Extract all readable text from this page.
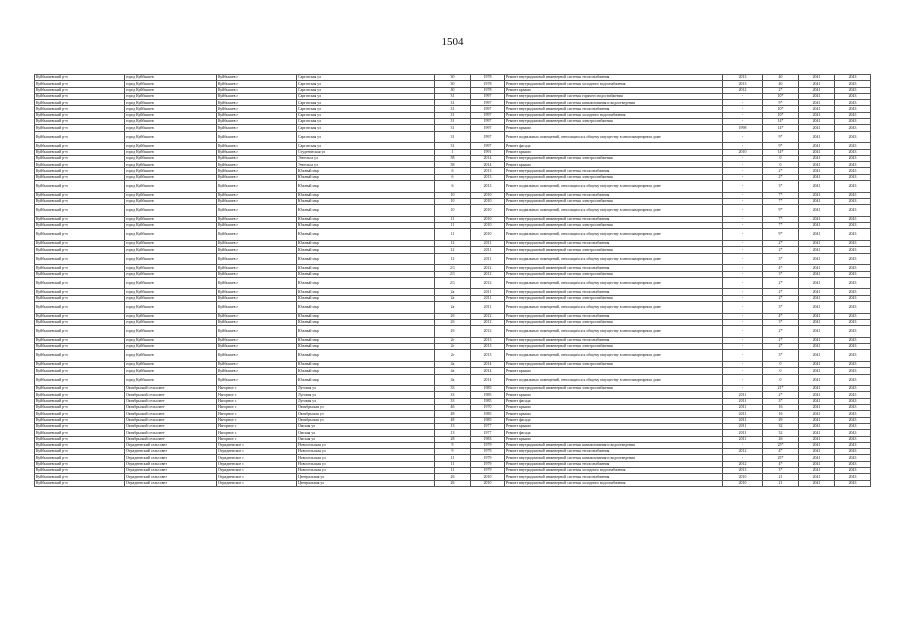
1504
Куйбышевский р-н	город Куйбышев	Куйбышев г	Саргатская ул	30	1978	Ремонт внутридомовой инженерной системы теплоснабжения	2013	40	2041	2043
Куйбышевский р-н	город Куйбышев	Куйбышев г	Саргатская ул	30	1978	Ремонт внутридомовой инженерной системы холодного водоснабжения	2013	40	2041	2043
Куйбышевский р-н	город Куйбышев	Куйбышев г	Саргатская ул	30	1978	Ремонт крыши	2012	2*	2041	2043
Куйбышевский р-н	город Куйбышев	Куйбышев г	Саргатская ул	31	1997	Ремонт внутридомовой инженерной системы горячего водоснабжения	-	10*	2041	2043
Куйбышевский р-н	город Куйбышев	Куйбышев г	Саргатская ул	31	1997	Ремонт внутридомовой инженерной системы канализования и водоотведения	-	9*	2041	2043
Куйбышевский р-н	город Куйбышев	Куйбышев г	Саргатская ул	31	1997	Ремонт внутридомовой инженерной системы теплоснабжения	-	10*	2041	2043
Куйбышевский р-н	город Куйбышев	Куйбышев г	Саргатская ул	31	1997	Ремонт внутридомовой инженерной системы холодного водоснабжения	-	10*	2041	2043
Куйбышевский р-н	город Куйбышев	Куйбышев г	Саргатская ул	31	1997	Ремонт внутридомовой инженерной системы электроснабжения	-	14*	2041	2043
Куйбышевский р-н	город Куйбышев	Куйбышев г	Саргатская ул	31	1997	Ремонт крыши	1998	14*	2041	2043
Куйбышевский р-н	город Куйбышев	Куйбышев г	Саргатская ул	31	1997	Ремонт подвальных помещений, относящихся к общему имуществу в многоквартирном доме	-	9*	2041	2043
Куйбышевский р-н	город Куйбышев	Куйбышев г	Саргатская ул	31	1997	Ремонт фасада	-	9*	2041	2043
Куйбышевский р-н	город Куйбышев	Куйбышев г	Студенческая ул	1	1991	Ремонт крыши	2010	14*	2041	2043
Куйбышевский р-н	город Куйбышев	Куйбышев г	Энгельса ул	58	2014	Ремонт внутридомовой инженерной системы электроснабжения	-	0	2041	2043
Куйбышевский р-н	город Куйбышев	Куйбышев г	Энгельса ул	58	2014	Ремонт крыши	-	0	2041	2043
Куйбышевский р-н	город Куйбышев	Куйбышев г	Южный мкр	6	2013	Ремонт внутридомовой инженерной системы теплоснабжения	-	2*	2041	2043
Куйбышевский р-н	город Куйбышев	Куйбышев г	Южный мкр	6	2013	Ремонт внутридомовой инженерной системы электроснабжения	-	2*	2041	2043
Куйбышевский р-н	город Куйбышев	Куйбышев г	Южный мкр	6	2013	Ремонт подвальных помещений, относящихся к общему имуществу в многоквартирном доме	-	3*	2041	2043
Куйбышевский р-н	город Куйбышев	Куйбышев г	Южный мкр	10	2010	Ремонт внутридомовой инженерной системы теплоснабжения	-	7*	2041	2043
Куйбышевский р-н	город Куйбышев	Куйбышев г	Южный мкр	10	2010	Ремонт внутридомовой инженерной системы электроснабжения	-	7*	2041	2043
Куйбышевский р-н	город Куйбышев	Куйбышев г	Южный мкр	10	2010	Ремонт подвальных помещений, относящихся к общему имуществу в многоквартирном доме	-	9*	2041	2043
Куйбышевский р-н	город Куйбышев	Куйбышев г	Южный мкр	11	2010	Ремонт внутридомовой инженерной системы теплоснабжения	-	7*	2041	2043
Куйбышевский р-н	город Куйбышев	Куйбышев г	Южный мкр	11	2010	Ремонт внутридомовой инженерной системы электроснабжения	-	7*	2041	2043
Куйбышевский р-н	город Куйбышев	Куйбышев г	Южный мкр	11	2010	Ремонт подвальных помещений, относящихся к общему имуществу в многоквартирном доме	-	9*	2041	2043
Куйбышевский р-н	город Куйбышев	Куйбышев г	Южный мкр	12	2011	Ремонт внутридомовой инженерной системы теплоснабжения	-	2*	2041	2043
Куйбышевский р-н	город Куйбышев	Куйбышев г	Южный мкр	12	2011	Ремонт внутридомовой инженерной системы электроснабжения	-	2*	2041	2043
Куйбышевский р-н	город Куйбышев	Куйбышев г	Южный мкр	12	2011	Ремонт подвальных помещений, относящихся к общему имуществу в многоквартирном доме	-	3*	2041	2043
Куйбышевский р-н	город Куйбышев	Куйбышев г	Южный мкр	2/1	2012	Ремонт внутридомовой инженерной системы теплоснабжения	-	4*	2041	2043
Куйбышевский р-н	город Куйбышев	Куйбышев г	Южный мкр	2/1	2012	Ремонт внутридомовой инженерной системы электроснабжения	-	3*	2041	2043
Куйбышевский р-н	город Куйбышев	Куйбышев г	Южный мкр	2/1	2012	Ремонт подвальных помещений, относящихся к общему имуществу в многоквартирном доме	-	2*	2041	2043
Куйбышевский р-н	город Куйбышев	Куйбышев г	Южный мкр	2а	2011	Ремонт внутридомовой инженерной системы теплоснабжения	-	2*	2041	2043
Куйбышевский р-н	город Куйбышев	Куйбышев г	Южный мкр	2а	2011	Ремонт внутридомовой инженерной системы электроснабжения	-	2*	2041	2043
Куйбышевский р-н	город Куйбышев	Куйбышев г	Южный мкр	2а	2011	Ремонт подвальных помещений, относящихся к общему имуществу в многоквартирном доме	-	3*	2041	2043
Куйбышевский р-н	город Куйбышев	Куйбышев г	Южный мкр	2б	2012	Ремонт внутридомовой инженерной системы теплоснабжения	-	4*	2041	2043
Куйбышевский р-н	город Куйбышев	Куйбышев г	Южный мкр	2б	2012	Ремонт внутридомовой инженерной системы электроснабжения	-	3*	2041	2043
Куйбышевский р-н	город Куйбышев	Куйбышев г	Южный мкр	2б	2012	Ремонт подвальных помещений, относящихся к общему имуществу в многоквартирном доме	-	2*	2041	2043
Куйбышевский р-н	город Куйбышев	Куйбышев г	Южный мкр	2г	2013	Ремонт внутридомовой инженерной системы теплоснабжения	-	2*	2041	2043
Куйбышевский р-н	город Куйбышев	Куйбышев г	Южный мкр	2г	2013	Ремонт внутридомовой инженерной системы электроснабжения	-	2*	2041	2043
Куйбышевский р-н	город Куйбышев	Куйбышев г	Южный мкр	2г	2013	Ремонт подвальных помещений, относящихся к общему имуществу в многоквартирном доме	-	3*	2041	2043
Куйбышевский р-н	город Куйбышев	Куйбышев г	Южный мкр	4а	2014	Ремонт внутридомовой инженерной системы электроснабжения	-	0	2041	2043
Куйбышевский р-н	город Куйбышев	Куйбышев г	Южный мкр	4а	2014	Ремонт крыши	-	0	2041	2043
Куйбышевский р-н	город Куйбышев	Куйбышев г	Южный мкр	4а	2014	Ремонт подвальных помещений, относящихся к общему имуществу в многоквартирном доме	-	0	2041	2043
Куйбышевский р-н	Октябрьский сельсовет	Нагорное с	Луговая ул	33	1985	Ремонт внутридомовой инженерной системы электроснабжения	-	21*	2041	2043
Куйбышевский р-н	Октябрьский сельсовет	Нагорное с	Луговая ул	33	1985	Ремонт крыши	2011	2*	2041	2043
Куйбышевский р-н	Октябрьский сельсовет	Нагорное с	Луговая ул	33	1985	Ремонт фасада	2011	3*	2041	2043
Куйбышевский р-н	Октябрьский сельсовет	Нагорное с	Октябрьская ул	46	1970	Ремонт крыши	2011	16	2041	2043
Куйбышевский р-н	Октябрьский сельсовет	Нагорное с	Октябрьская ул	48	1985	Ремонт крыши	2011	16	2041	2043
Куйбышевский р-н	Октябрьский сельсовет	Нагорное с	Октябрьская ул	48	1985	Ремонт фасада	2011	29	2041	2043
Куйбышевский р-н	Октябрьский сельсовет	Нагорное с	Омская ул	13	1977	Ремонт крыши	2011	32	2041	2043
Куйбышевский р-н	Октябрьский сельсовет	Нагорное с	Омская ул	13	1977	Ремонт фасада	2011	32	2041	2043
Куйбышевский р-н	Октябрьский сельсовет	Нагорное с	Омская ул	28	1983	Ремонт крыши	2011	26	2041	2043
Куйбышевский р-н	Отрадненский сельсовет	Отрадненское с	Новосельская ул	9	1979	Ремонт внутридомовой инженерной системы канализования и водоотведения	-	25*	2041	2043
Куйбышевский р-н	Отрадненский сельсовет	Отрадненское с	Новосельская ул	9	1979	Ремонт внутридомовой инженерной системы теплоснабжения	2012	4*	2041	2043
Куйбышевский р-н	Отрадненский сельсовет	Отрадненское с	Новосельская ул	11	1979	Ремонт внутридомовой инженерной системы канализования и водоотведения	-	25*	2041	2043
Куйбышевский р-н	Отрадненский сельсовет	Отрадненское с	Новосельская ул	11	1979	Ремонт внутридомовой инженерной системы теплоснабжения	2012	4*	2041	2043
Куйбышевский р-н	Отрадненский сельсовет	Отрадненское с	Новосельская ул	11	1979	Ремонт внутридомовой инженерной системы холодного водоснабжения	2013	3*	2041	2043
Куйбышевский р-н	Отрадненский сельсовет	Отрадненское с	Центральная ул	26	2010	Ремонт внутридомовой инженерной системы теплоснабжения	2010	21	2041	2043
Куйбышевский р-н	Отрадненский сельсовет	Отрадненское с	Центральная ул	26	2010	Ремонт внутридомовой инженерной системы холодного водоснабжения	2010	21	2041	2043
